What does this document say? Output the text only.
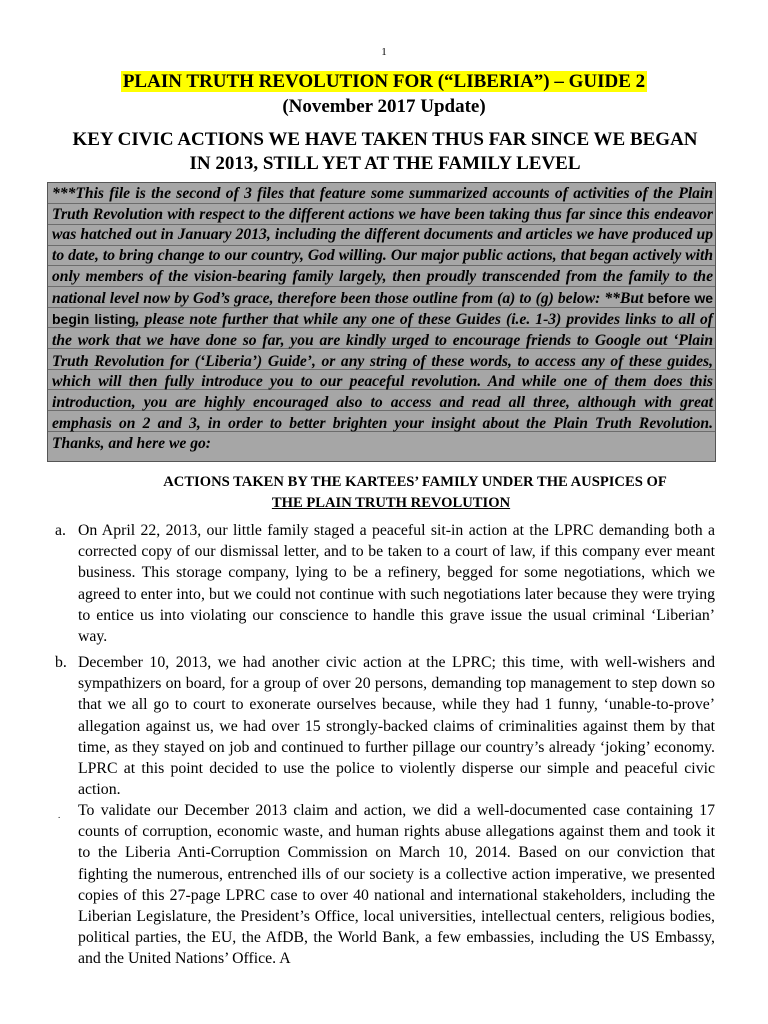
1
PLAIN TRUTH REVOLUTION FOR (“LIBERIA”) – GUIDE 2
(November 2017 Update)
KEY CIVIC ACTIONS WE HAVE TAKEN THUS FAR SINCE WE BEGAN IN 2013, STILL YET AT THE FAMILY LEVEL
***This file is the second of 3 files that feature some summarized accounts of activities of the Plain Truth Revolution with respect to the different actions we have been taking thus far since this endeavor was hatched out in January 2013, including the different documents and articles we have produced up to date, to bring change to our country, God willing. Our major public actions, that began actively with only members of the vision-bearing family largely, then proudly transcended from the family to the national level now by God’s grace, therefore been those outline from (a) to (g) below: **But before we begin listing, please note further that while any one of these Guides (i.e. 1-3) provides links to all of the work that we have done so far, you are kindly urged to encourage friends to Google out ‘Plain Truth Revolution for (‘Liberia’) Guide’, or any string of these words, to access any of these guides, which will then fully introduce you to our peaceful revolution. And while one of them does this introduction, you are highly encouraged also to access and read all three, although with great emphasis on 2 and 3, in order to better brighten your insight about the Plain Truth Revolution. Thanks, and here we go:
ACTIONS TAKEN BY THE KARTEES’ FAMILY UNDER THE AUSPICES OF
THE PLAIN TRUTH REVOLUTION
a. On April 22, 2013, our little family staged a peaceful sit-in action at the LPRC demanding both a corrected copy of our dismissal letter, and to be taken to a court of law, if this company ever meant business. This storage company, lying to be a refinery, begged for some negotiations, which we agreed to enter into, but we could not continue with such negotiations later because they were trying to entice us into violating our conscience to handle this grave issue the usual criminal ‘Liberian’ way.
b. December 10, 2013, we had another civic action at the LPRC; this time, with well-wishers and sympathizers on board, for a group of over 20 persons, demanding top management to step down so that we all go to court to exonerate ourselves because, while they had 1 funny, ‘unable-to-prove’ allegation against us, we had over 15 strongly-backed claims of criminalities against them by that time, as they stayed on job and continued to further pillage our country’s already ‘joking’ economy. LPRC at this point decided to use the police to violently disperse our simple and peaceful civic action.
. To validate our December 2013 claim and action, we did a well-documented case containing 17 counts of corruption, economic waste, and human rights abuse allegations against them and took it to the Liberia Anti-Corruption Commission on March 10, 2014. Based on our conviction that fighting the numerous, entrenched ills of our society is a collective action imperative, we presented copies of this 27-page LPRC case to over 40 national and international stakeholders, including the Liberian Legislature, the President’s Office, local universities, intellectual centers, religious bodies, political parties, the EU, the AfDB, the World Bank, a few embassies, including the US Embassy, and the United Nations’ Office. A
